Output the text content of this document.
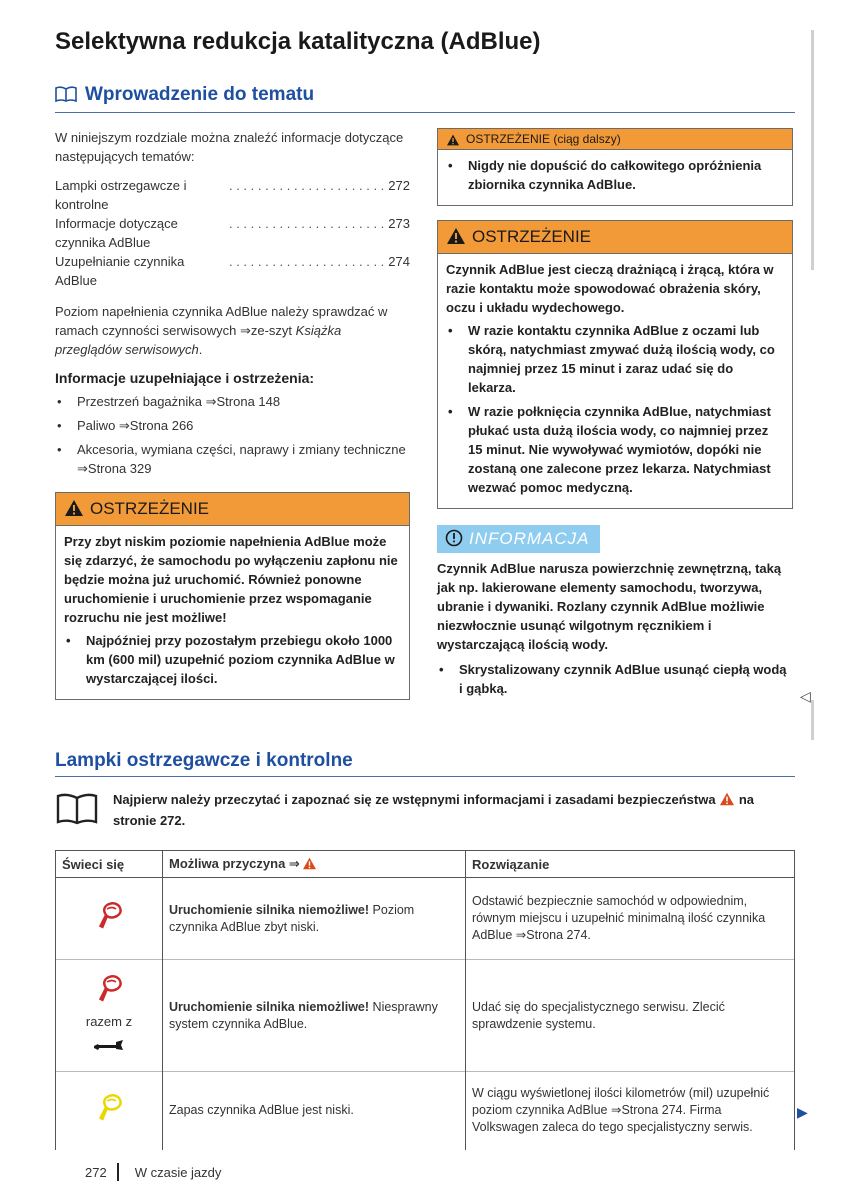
Selektywna redukcja katalityczna (AdBlue)
Wprowadzenie do tematu

W niniejszym rozdziale można znaleźć informacje dotyczące następujących tematów:

Lampki ostrzegawcze i kontrolne
. . . . . . . . . . . . . . . . . . . . . . 272
Informacje dotyczące czynnika AdBlue
. . . . . . . . . . . . . . . . . . . . . . 273
Uzupełnianie czynnika AdBlue
. . . . . . . . . . . . . . . . . . . . . . 274

Poziom napełnienia czynnika AdBlue należy sprawdzać w ramach czynności serwisowych ⇒ze-szyt Książka przeglądów serwisowych.

Informacje uzupełniające i ostrzeżenia:
• Przestrzeń bagażnika ⇒Strona 148
• Paliwo ⇒Strona 266
• Akcesoria, wymiana części, naprawy i zmiany techniczne ⇒Strona 329
OSTRZEŻENIE

Przy zbyt niskim poziomie napełnienia AdBlue może się zdarzyć, że samochodu po wyłączeniu zapłonu nie będzie można już uruchomić. Również ponowne uruchomienie i uruchomienie przez wspomaganie rozruchu nie jest możliwe!

• Najpóźniej przy pozostałym przebiegu około 1000 km (600 mil) uzupełnić poziom czynnika AdBlue w wystarczającej ilości.
OSTRZEŻENIE (ciąg dalszy)
• Nigdy nie dopuścić do całkowitego opróżnienia zbiornika czynnika AdBlue.
OSTRZEŻENIE

Czynnik AdBlue jest cieczą drażniącą i żrącą, która w razie kontaktu może spowodować obrażenia skóry, oczu i układu wydechowego.

• W razie kontaktu czynnika AdBlue z oczami lub skórą, natychmiast zmywać dużą ilością wody, co najmniej przez 15 minut i zaraz udać się do lekarza.
• W razie połknięcia czynnika AdBlue, natychmiast płukać usta dużą ilościa wody, co najmniej przez 15 minut. Nie wywoływać wymiotów, dopóki nie zostaną one zalecone przez lekarza. Natychmiast wezwać pomoc medyczną.
INFORMACJA

Czynnik AdBlue narusza powierzchnię zewnętrzną, taką jak np. lakierowane elementy samochodu, tworzywa, ubranie i dywaniki. Rozlany czynnik AdBlue możliwie niezwłocznie usunąć wilgotnym ręcznikiem i wystarczającą ilością wody.

• Skrystalizowany czynnik AdBlue usunąć ciepłą wodą i gąbką.	◁
Lampki ostrzegawcze i kontrolne
Najpierw należy przeczytać i zapoznać się ze wstępnymi informacjami i zasadami bezpieczeństwa na stronie 272.
Świeci się	Możliwa przyczyna ⇒	Rozwiązanie
	Uruchomienie silnika niemożliwe! Poziom czynnika AdBlue zbyt niski.	Odstawić bezpiecznie samochód w odpowiednim, równym miejscu i uzupełnić minimalną ilość czynnika AdBlue ⇒Strona 274.

razem z	Uruchomienie silnika niemożliwe! Niesprawny system czynnika AdBlue.	Udać się do specjalistycznego serwisu. Zlecić sprawdzenie systemu.
	Zapas czynnika AdBlue jest niski.	W ciągu wyświetlonej ilości kilometrów (mil) uzupełnić poziom czynnika AdBlue ⇒Strona 274. Firma Volkswagen zaleca do tego specjalistyczny serwis.
▶
272 W czasie jazdy
